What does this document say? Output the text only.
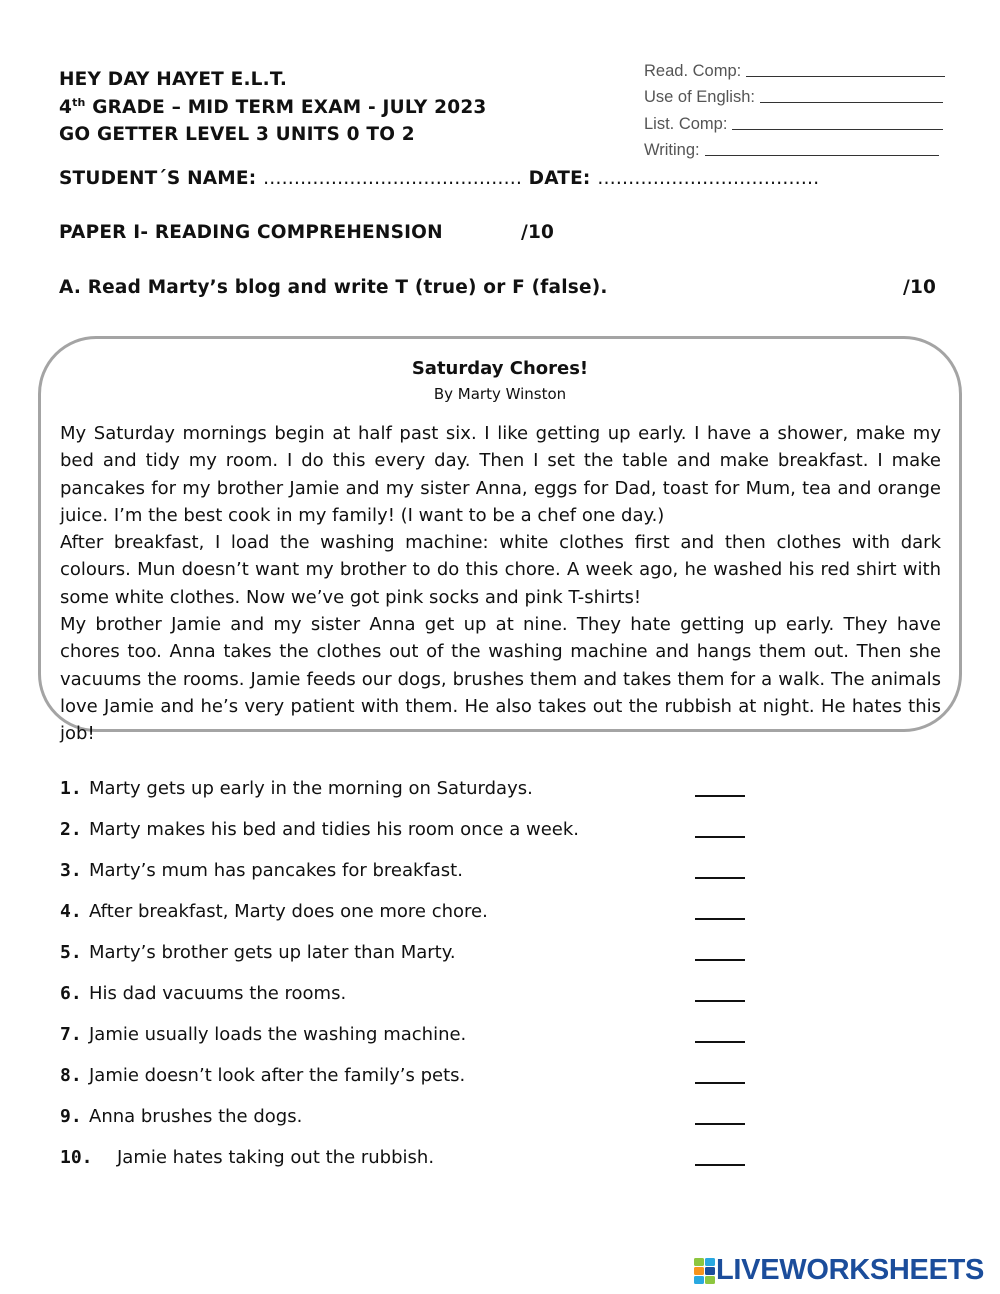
HEY DAY HAYET E.L.T.
4th GRADE – MID TERM EXAM - JULY 2023
GO GETTER LEVEL 3 UNITS 0 TO 2
Read. Comp:
Use of English:
List. Comp:
Writing:
STUDENT´S NAME: …………………………………… DATE: ………………………………
PAPER I- READING COMPREHENSION	/10
A. Read Marty’s blog and write T (true) or F (false).	/10
Saturday Chores!
By Marty Winston

My Saturday mornings begin at half past six. I like getting up early. I have a shower, make my bed and tidy my room. I do this every day. Then I set the table and make breakfast. I make pancakes for my brother Jamie and my sister Anna, eggs for Dad, toast for Mum, tea and orange juice. I’m the best cook in my family! (I want to be a chef one day.)

After breakfast, I load the washing machine: white clothes first and then clothes with dark colours. Mun doesn’t want my brother to do this chore. A week ago, he washed his red shirt with some white clothes. Now we’ve got pink socks and pink T-shirts!

My brother Jamie and my sister Anna get up at nine. They hate getting up early. They have chores too. Anna takes the clothes out of the washing machine and hangs them out. Then she vacuums the rooms. Jamie feeds our dogs, brushes them and takes them for a walk. The animals love Jamie and he’s very patient with them. He also takes out the rubbish at night. He hates this job!

1. Marty gets up early in the morning on Saturdays.
2. Marty makes his bed and tidies his room once a week.
3. Marty’s mum has pancakes for breakfast.
4. After breakfast, Marty does one more chore.
5. Marty’s brother gets up later than Marty.
6. His dad vacuums the rooms.
7. Jamie usually loads the washing machine.
8. Jamie doesn’t look after the family’s pets.
9. Anna brushes the dogs.
10.	Jamie hates taking out the rubbish.
LIVEWORKSHEETS
